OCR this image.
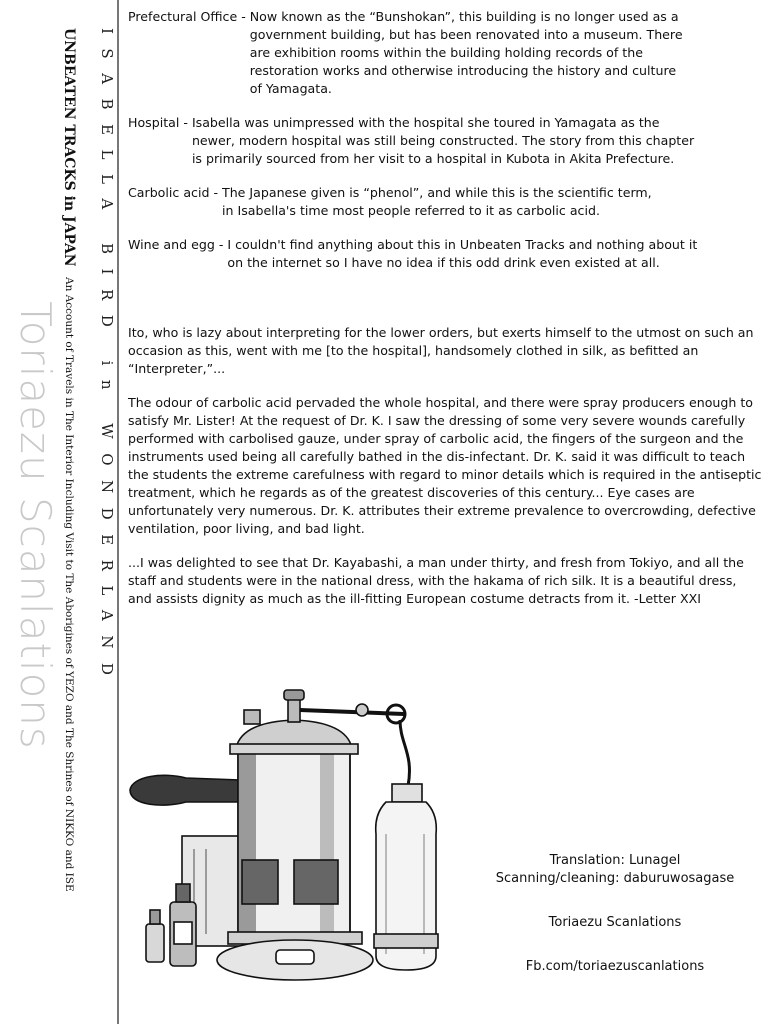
Toriaezu Scanlations
UNBEATEN TRACKS in JAPAN
An Account of Travels in The Interior Including Visit to The Aborigines of YEZO and The Shrines of NIKKO and ISE ISABELLA BIRD in WONDERLAND
Prefectural Office - Now known as the “Bunshokan”, this building is no longer used as a
government building, but has been renovated into a museum. There
are exhibition rooms within the building holding records of the
restoration works and otherwise introducing the history and culture
of Yamagata.
Hospital - Isabella was unimpressed with the hospital she toured in Yamagata as the
newer, modern hospital was still being constructed. The story from this chapter
is primarily sourced from her visit to a hospital in Kubota in Akita Prefecture.
Carbolic acid - The Japanese given is “phenol”, and while this is the scientific term,
in Isabella's time most people referred to it as carbolic acid.
Wine and egg - I couldn't find anything about this in Unbeaten Tracks and nothing about it
on the internet so I have no idea if this odd drink even existed at all.

Ito, who is lazy about interpreting for the lower orders, but exerts himself to the utmost on such an occasion as this, went with me [to the hospital], handsomely clothed in silk, as befitted an “Interpreter,”...

The odour of carbolic acid pervaded the whole hospital, and there were spray producers enough to satisfy Mr. Lister! At the request of Dr. K. I saw the dressing of some very severe wounds carefully performed with carbolised gauze, under spray of carbolic acid, the fingers of the surgeon and the instruments used being all carefully bathed in the dis-infectant. Dr. K. said it was difficult to teach the students the extreme carefulness with regard to minor details which is required in the antiseptic treatment, which he regards as of the greatest discoveries of this century... Eye cases are unfortunately very numerous. Dr. K. attributes their extreme prevalence to overcrowding, defective ventilation, poor living, and bad light.

...I was delighted to see that Dr. Kayabashi, a man under thirty, and fresh from Tokiyo, and all the staff and students were in the national dress, with the hakama of rich silk. It is a beautiful dress, and assists dignity as much as the ill-fitting European costume detracts from it. -Letter XXI

Translation: Lunagel
Scanning/cleaning: daburuwosagase
Toriaezu Scanlations
Fb.com/toriaezuscanlations
